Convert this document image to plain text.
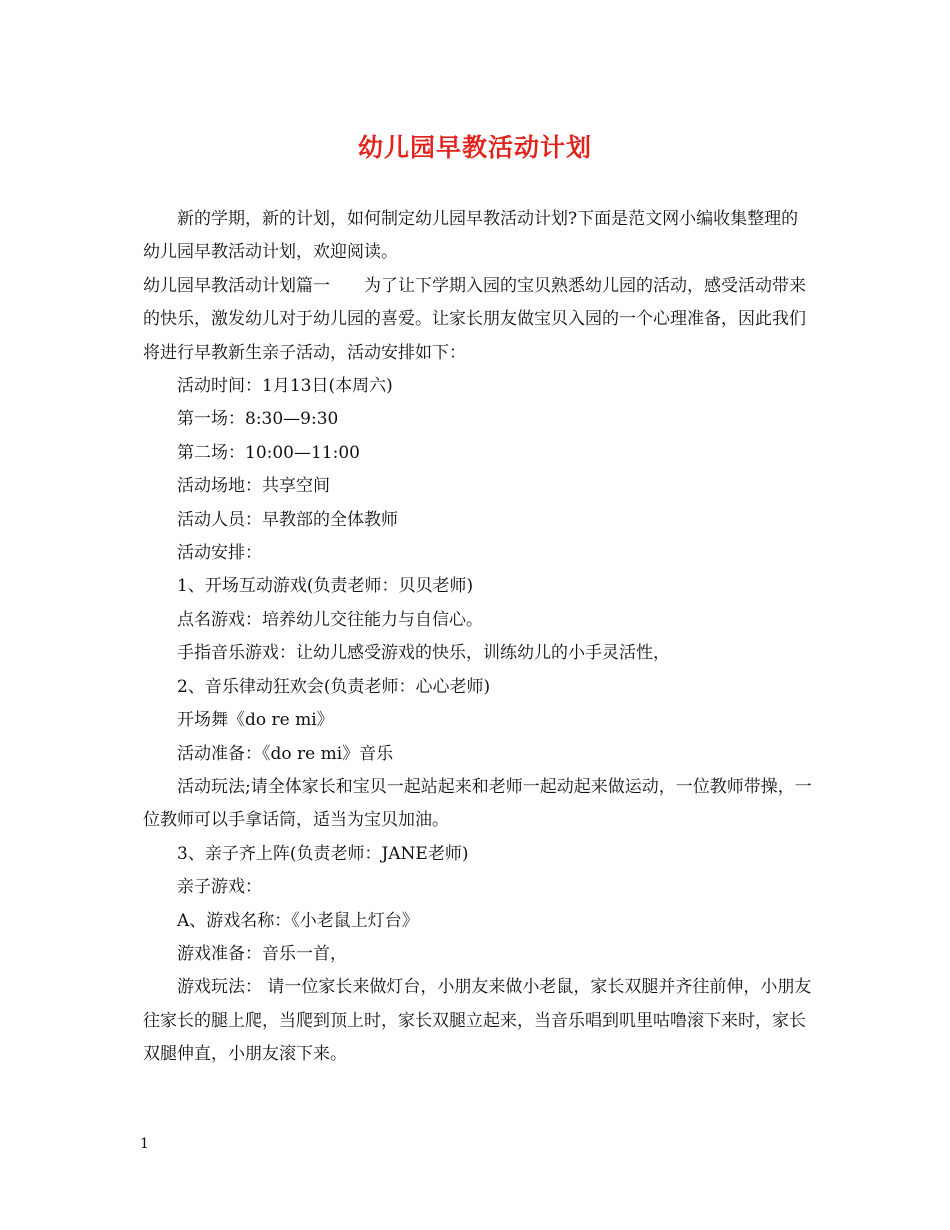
幼儿园早教活动计划

新的学期，新的计划，如何制定幼儿园早教活动计划?下面是范文网小编收集整理的幼儿园早教活动计划，欢迎阅读。

幼儿园早教活动计划篇一 为了让下学期入园的宝贝熟悉幼儿园的活动，感受活动带来的快乐，激发幼儿对于幼儿园的喜爱。让家长朋友做宝贝入园的一个心理准备，因此我们将进行早教新生亲子活动，活动安排如下：

活动时间：1月13日(本周六)

第一场：8:30—9:30

第二场：10:00—11:00

活动场地：共享空间

活动人员：早教部的全体教师

活动安排：

1、开场互动游戏(负责老师：贝贝老师)

点名游戏：培养幼儿交往能力与自信心。

手指音乐游戏：让幼儿感受游戏的快乐，训练幼儿的小手灵活性，

2、音乐律动狂欢会(负责老师：心心老师)

开场舞《do re mi》

活动准备：《do re mi》音乐

活动玩法;请全体家长和宝贝一起站起来和老师一起动起来做运动，一位教师带操，一位教师可以手拿话筒，适当为宝贝加油。

3、亲子齐上阵(负责老师：JANE老师)

亲子游戏：

A、游戏名称：《小老鼠上灯台》

游戏准备：音乐一首，

游戏玩法： 请一位家长来做灯台，小朋友来做小老鼠，家长双腿并齐往前伸，小朋友往家长的腿上爬，当爬到顶上时，家长双腿立起来，当音乐唱到叽里咕噜滚下来时，家长双腿伸直，小朋友滚下来。

1
